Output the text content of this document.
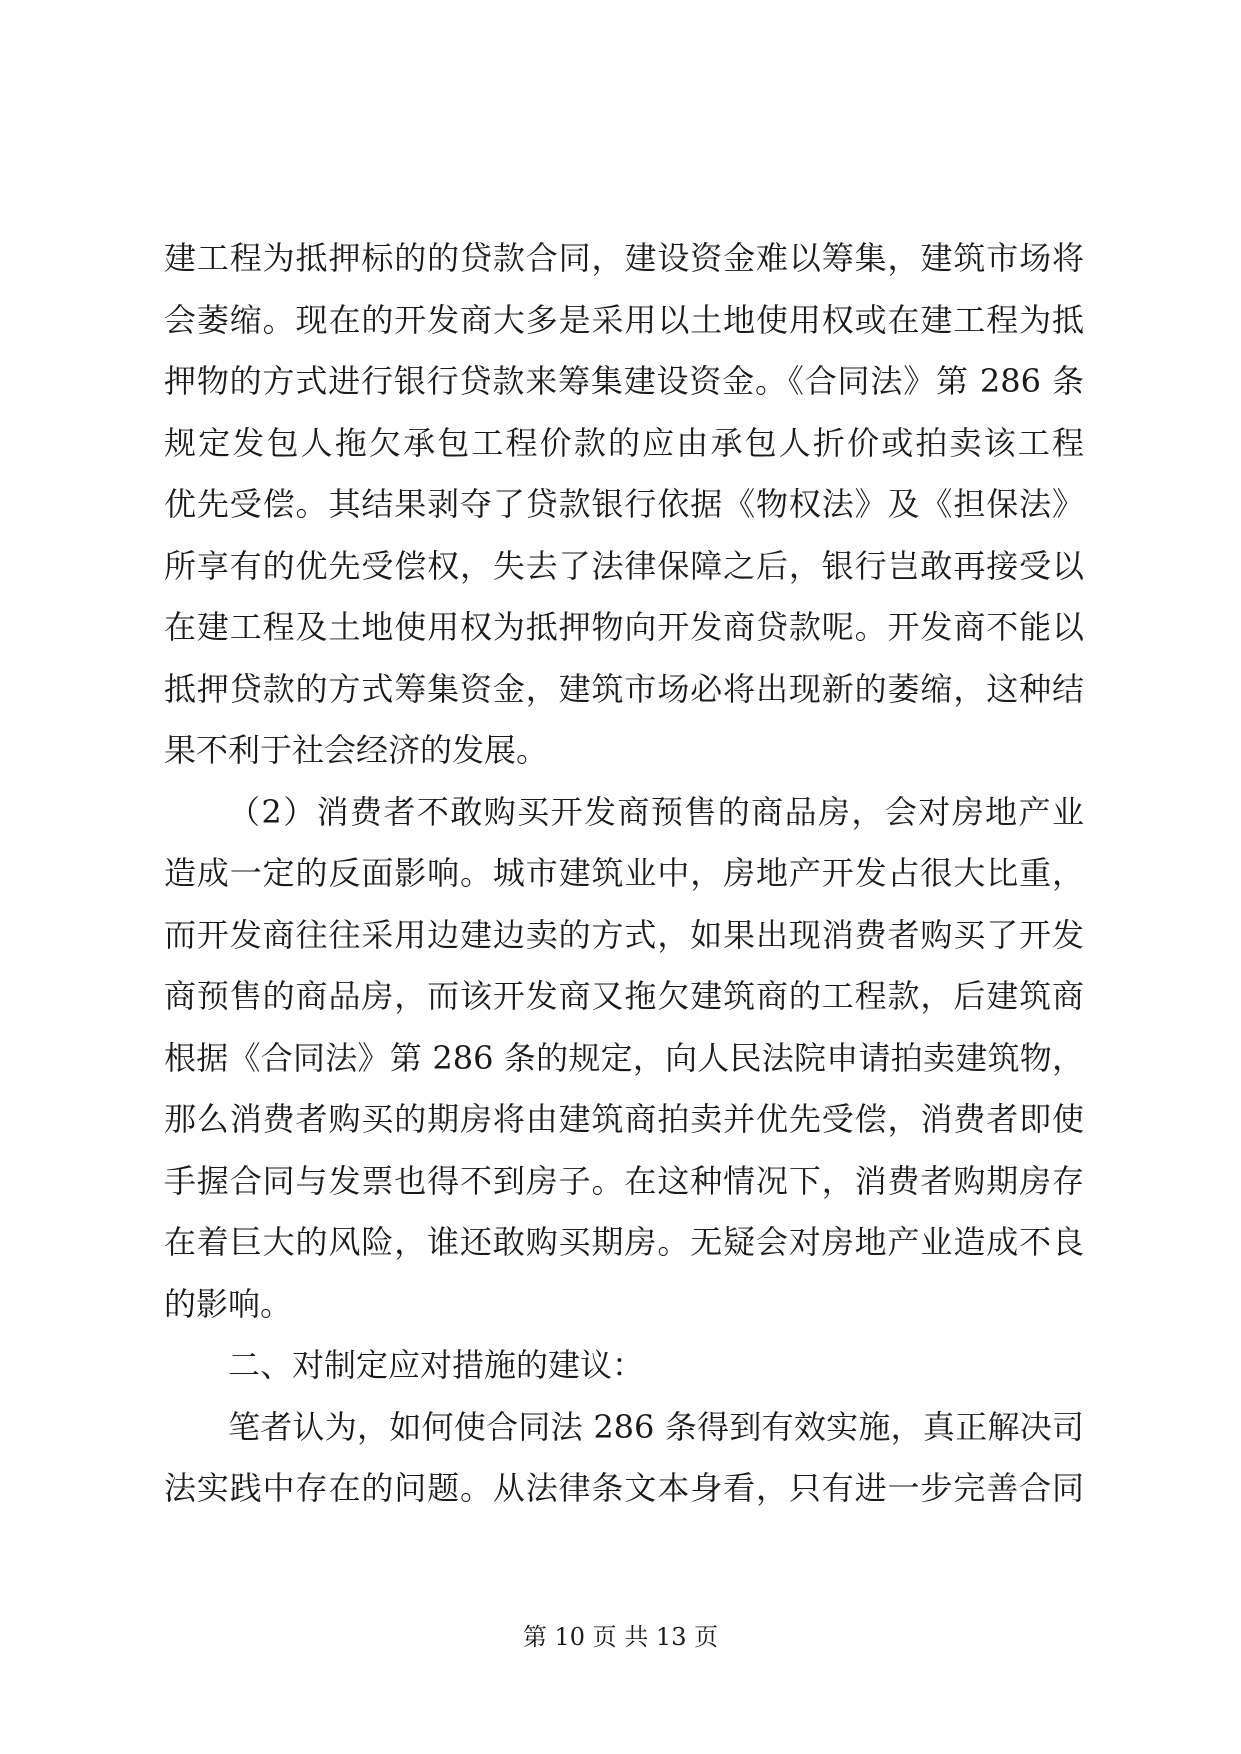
建工程为抵押标的的贷款合同，建设资金难以筹集，建筑市场将
会萎缩。现在的开发商大多是采用以土地使用权或在建工程为抵
押物的方式进行银行贷款来筹集建设资金。《合同法》第 286 条
规定发包人拖欠承包工程价款的应由承包人折价或拍卖该工程
优先受偿。其结果剥夺了贷款银行依据《物权法》及《担保法》
所享有的优先受偿权，失去了法律保障之后，银行岂敢再接受以
在建工程及土地使用权为抵押物向开发商贷款呢。开发商不能以
抵押贷款的方式筹集资金，建筑市场必将出现新的萎缩，这种结
果不利于社会经济的发展。
（2）消费者不敢购买开发商预售的商品房，会对房地产业
造成一定的反面影响。城市建筑业中，房地产开发占很大比重，
而开发商往往采用边建边卖的方式，如果出现消费者购买了开发
商预售的商品房，而该开发商又拖欠建筑商的工程款，后建筑商
根据《合同法》第 286 条的规定，向人民法院申请拍卖建筑物，
那么消费者购买的期房将由建筑商拍卖并优先受偿，消费者即使
手握合同与发票也得不到房子。在这种情况下，消费者购期房存
在着巨大的风险，谁还敢购买期房。无疑会对房地产业造成不良
的影响。
二、对制定应对措施的建议：
笔者认为，如何使合同法 286 条得到有效实施，真正解决司
法实践中存在的问题。从法律条文本身看，只有进一步完善合同
第 10 页 共 13 页
